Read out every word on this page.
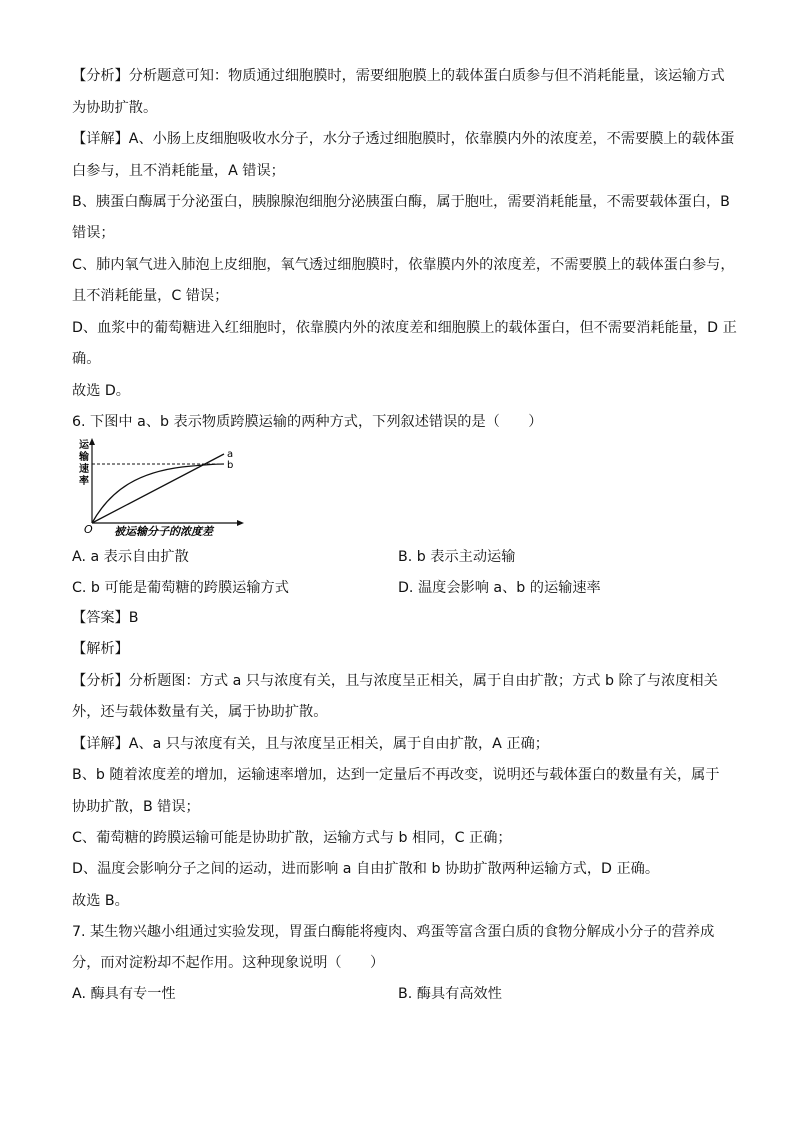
【分析】分析题意可知：物质通过细胞膜时，需要细胞膜上的载体蛋白质参与但不消耗能量，该运输方式
为协助扩散。
【详解】A、小肠上皮细胞吸收水分子，水分子透过细胞膜时，依靠膜内外的浓度差，不需要膜上的载体蛋
白参与，且不消耗能量，A 错误；
B、胰蛋白酶属于分泌蛋白，胰腺腺泡细胞分泌胰蛋白酶，属于胞吐，需要消耗能量，不需要载体蛋白，B
错误；
C、肺内氧气进入肺泡上皮细胞，氧气透过细胞膜时，依靠膜内外的浓度差，不需要膜上的载体蛋白参与，
且不消耗能量，C 错误；
D、血浆中的葡萄糖进入红细胞时，依靠膜内外的浓度差和细胞膜上的载体蛋白，但不需要消耗能量，D 正
确。
故选 D。
6. 下图中 a、b 表示物质跨膜运输的两种方式，下列叙述错误的是（　　）
【答案】B
【解析】
【分析】分析题图：方式 a 只与浓度有关，且与浓度呈正相关，属于自由扩散；方式 b 除了与浓度相关
外，还与载体数量有关，属于协助扩散。
【详解】A、a 只与浓度有关，且与浓度呈正相关，属于自由扩散，A 正确；
B、b 随着浓度差的增加，运输速率增加，达到一定量后不再改变，说明还与载体蛋白的数量有关，属于
协助扩散，B 错误；
C、葡萄糖的跨膜运输可能是协助扩散，运输方式与 b 相同，C 正确；
D、温度会影响分子之间的运动，进而影响 a 自由扩散和 b 协助扩散两种运输方式，D 正确。
故选 B。
7. 某生物兴趣小组通过实验发现，胃蛋白酶能将瘦肉、鸡蛋等富含蛋白质的食物分解成小分子的营养成
分，而对淀粉却不起作用。这种现象说明（　　）
A. a 表示自由扩散	B. b 表示主动运输
C. b 可能是葡萄糖的跨膜运输方式	D. 温度会影响 a、b 的运输速率
A. 酶具有专一性	B. 酶具有高效性
运
输
速
率
a
b
O 被运输分子的浓度差
